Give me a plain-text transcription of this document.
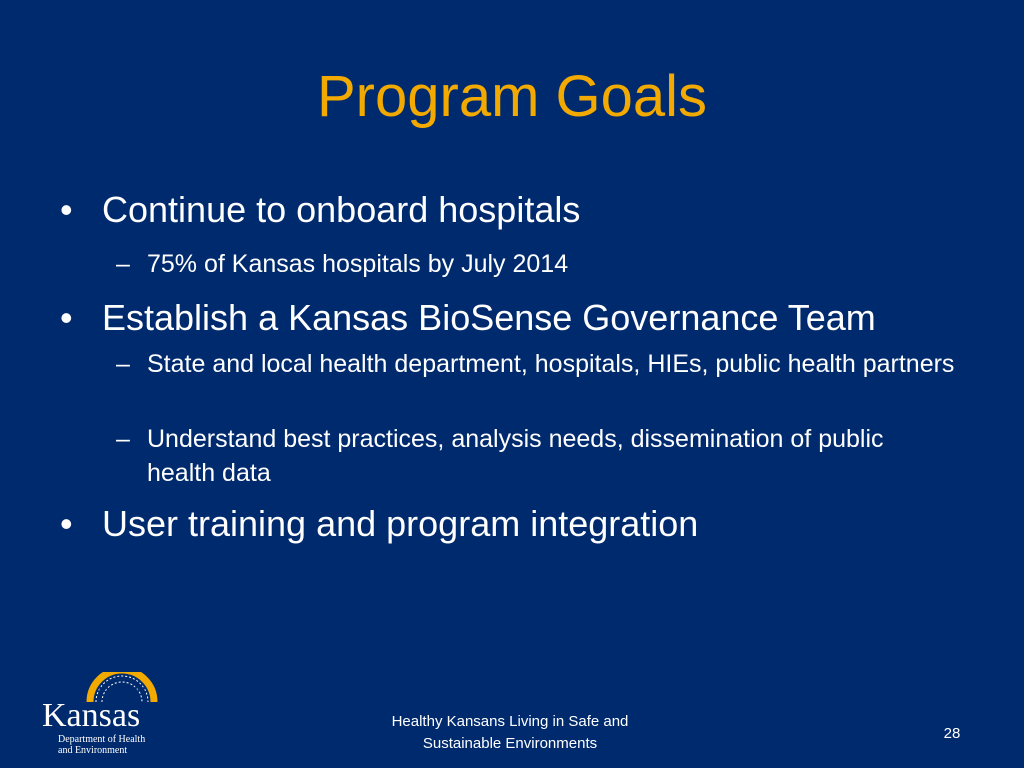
Program Goals
• Continue to onboard hospitals
– 75% of Kansas hospitals by July 2014
• Establish a Kansas BioSense Governance Team
– State and local health department, hospitals, HIEs, public health partners
– Understand best practices, analysis needs, dissemination of public health data
• User training and program integration
AD ASTRA PER ASPERA
Kansas
Department of Health
and Environment
Healthy Kansans Living in Safe and
Sustainable Environments
28
